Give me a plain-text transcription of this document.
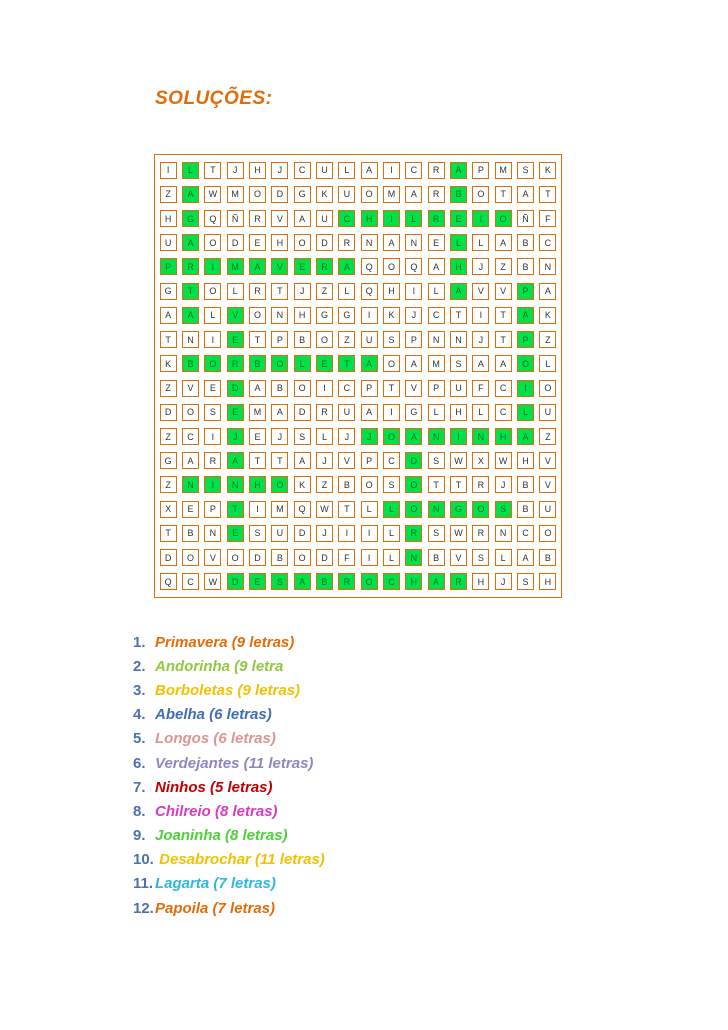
SOLUÇÕES:
I	L	T	J	H	J	C	U	L	A	I	C	R	A	P	M	S	K
Z	A	W	M	O	D	G	K	U	O	M	A	R	B	O	T	A	T
H	G	Q	Ñ	R	V	A	U	C	H	I	L	R	E	I	O	Ñ	F
U	A	O	D	E	H	O	D	R	N	A	N	E	L	L	A	B	C
P	R	I	M	A	V	E	R	A	Q	O	Q	A	H	J	Z	B	N
G	T	O	L	R	T	J	Z	L	Q	H	I	L	A	V	V	P	A
A	A	L	V	O	N	H	G	G	I	K	J	C	T	I	T	A	K
T	N	I	E	T	P	B	O	Z	U	S	P	N	N	J	T	P	Z
K	B	O	R	B	O	L	E	T	A	O	A	M	S	A	A	O	L
Z	V	E	D	A	B	O	I	C	P	T	V	P	U	F	C	I	O
D	O	S	E	M	A	D	R	U	A	I	G	L	H	L	C	L	U
Z	C	I	J	E	J	S	L	J	J	O	A	N	I	N	H	A	Z
G	A	R	A	T	T	A	J	V	P	C	D	S	W	X	W	H	V
Z	N	I	N	H	O	K	Z	B	O	S	O	T	T	R	J	B	V
X	E	P	T	I	M	Q	W	T	L	L	O	N	G	O	S	B	U
T	B	N	E	S	U	D	J	I	I	L	R	S	W	R	N	C	O
D	O	V	O	D	B	O	D	F	I	L	N	B	V	S	L	A	B
Q	C	W	D	E	S	A	B	R	O	C	H	A	R	H	J	S	H
1. Primavera (9 letras)
2. Andorinha (9 letra
3. Borboletas (9 letras)
4. Abelha (6 letras)
5. Longos (6 letras)
6. Verdejantes (11 letras)
7. Ninhos (5 letras)
8. Chilreio (8 letras)
9. Joaninha (8 letras)
10. Desabrochar (11 letras)
11. Lagarta (7 letras)
12. Papoila (7 letras)
